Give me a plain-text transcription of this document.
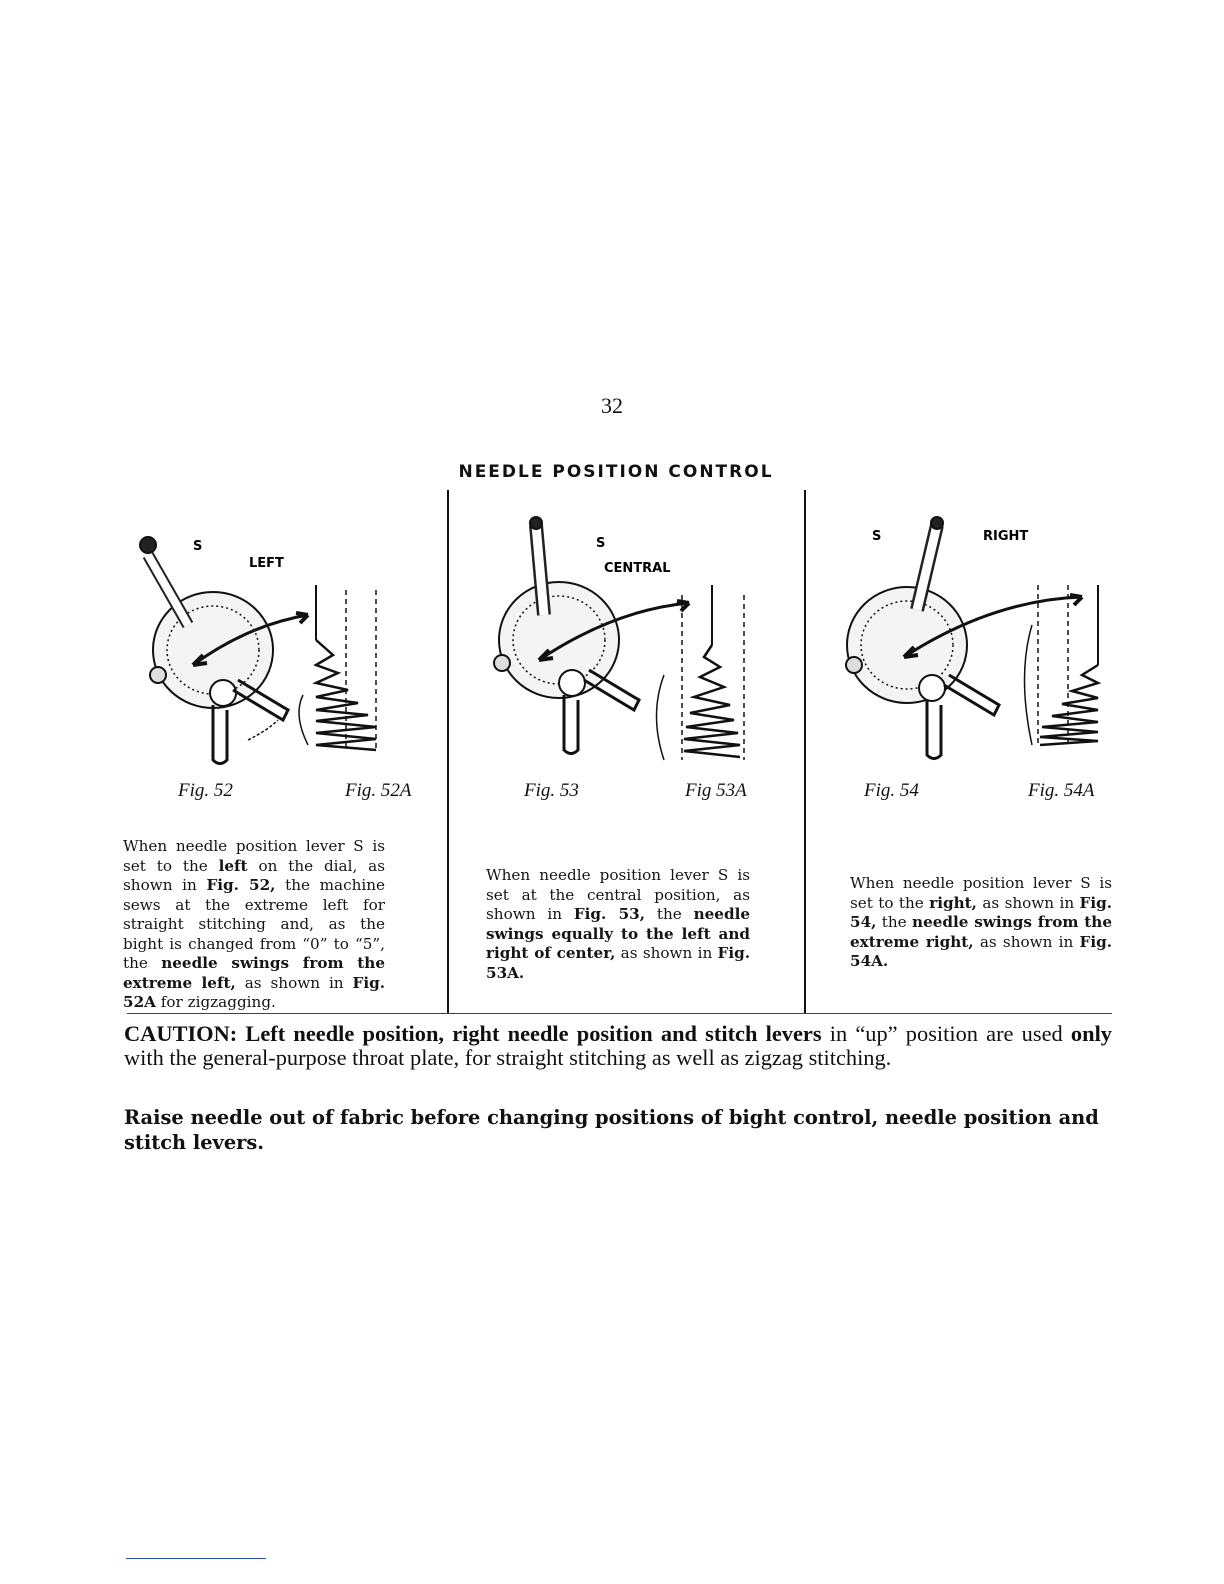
32
NEEDLE POSITION CONTROL
S
LEFT
S
CENTRAL
S	RIGHT
Fig. 52	Fig. 52A	Fig. 53	Fig 53A	Fig. 54	Fig. 54A
When needle position lever S is set to the left on the dial, as shown in Fig. 52, the machine sews at the extreme left for straight stitching and, as the bight is changed from “0” to “5”, the needle swings from the extreme left, as shown in Fig. 52A for zigzagging.
When needle position lever S is set at the central position, as shown in Fig. 53, the needle swings equally to the left and right of center, as shown in Fig. 53A.
When needle position lever S is set to the right, as shown in Fig. 54, the needle swings from the extreme right, as shown in Fig. 54A.
CAUTION: Left needle position, right needle position and stitch levers in “up” position are used only with the general-purpose throat plate, for straight stitching as well as zigzag stitching.
Raise needle out of fabric before changing positions of bight control, needle position and stitch levers.
